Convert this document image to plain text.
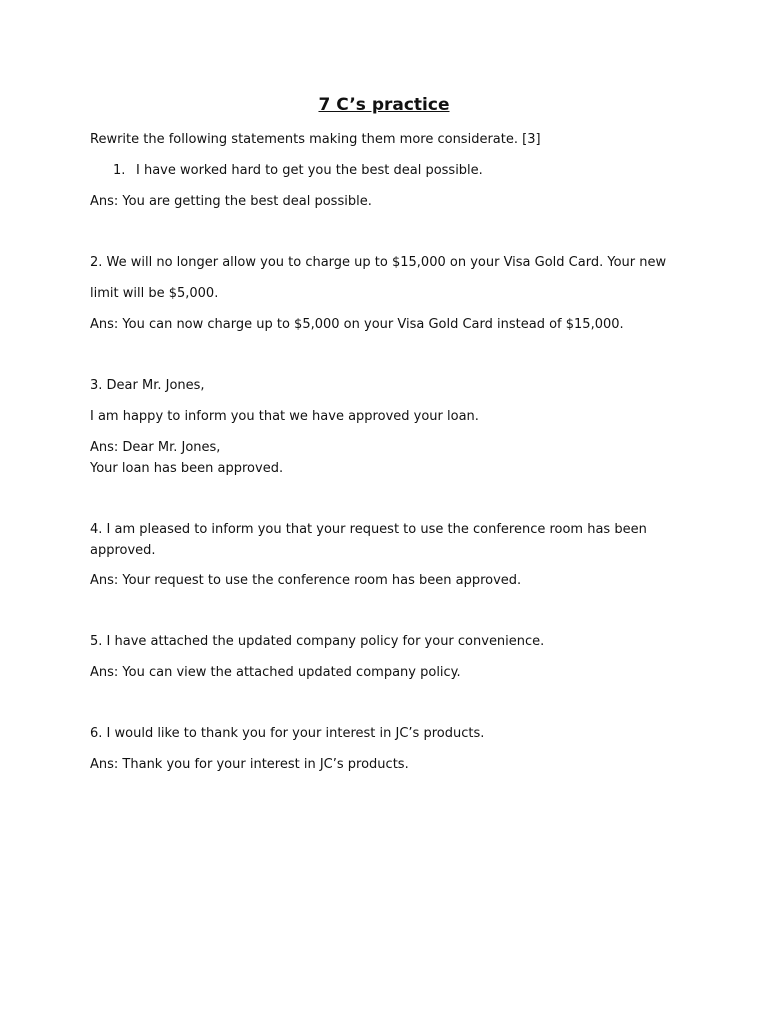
7 C’s practice

Rewrite the following statements making them more considerate. [3]

1. I have worked hard to get you the best deal possible.

Ans: You are getting the best deal possible.

2. We will no longer allow you to charge up to $15,000 on your Visa Gold Card. Your new

limit will be $5,000.

Ans: You can now charge up to $5,000 on your Visa Gold Card instead of $15,000.

3. Dear Mr. Jones,

I am happy to inform you that we have approved your loan.

Ans: Dear Mr. Jones,

Your loan has been approved.

4. I am pleased to inform you that your request to use the conference room has been

approved.

Ans: Your request to use the conference room has been approved.

5. I have attached the updated company policy for your convenience.

Ans: You can view the attached updated company policy.

6. I would like to thank you for your interest in JC’s products.

Ans: Thank you for your interest in JC’s products.
